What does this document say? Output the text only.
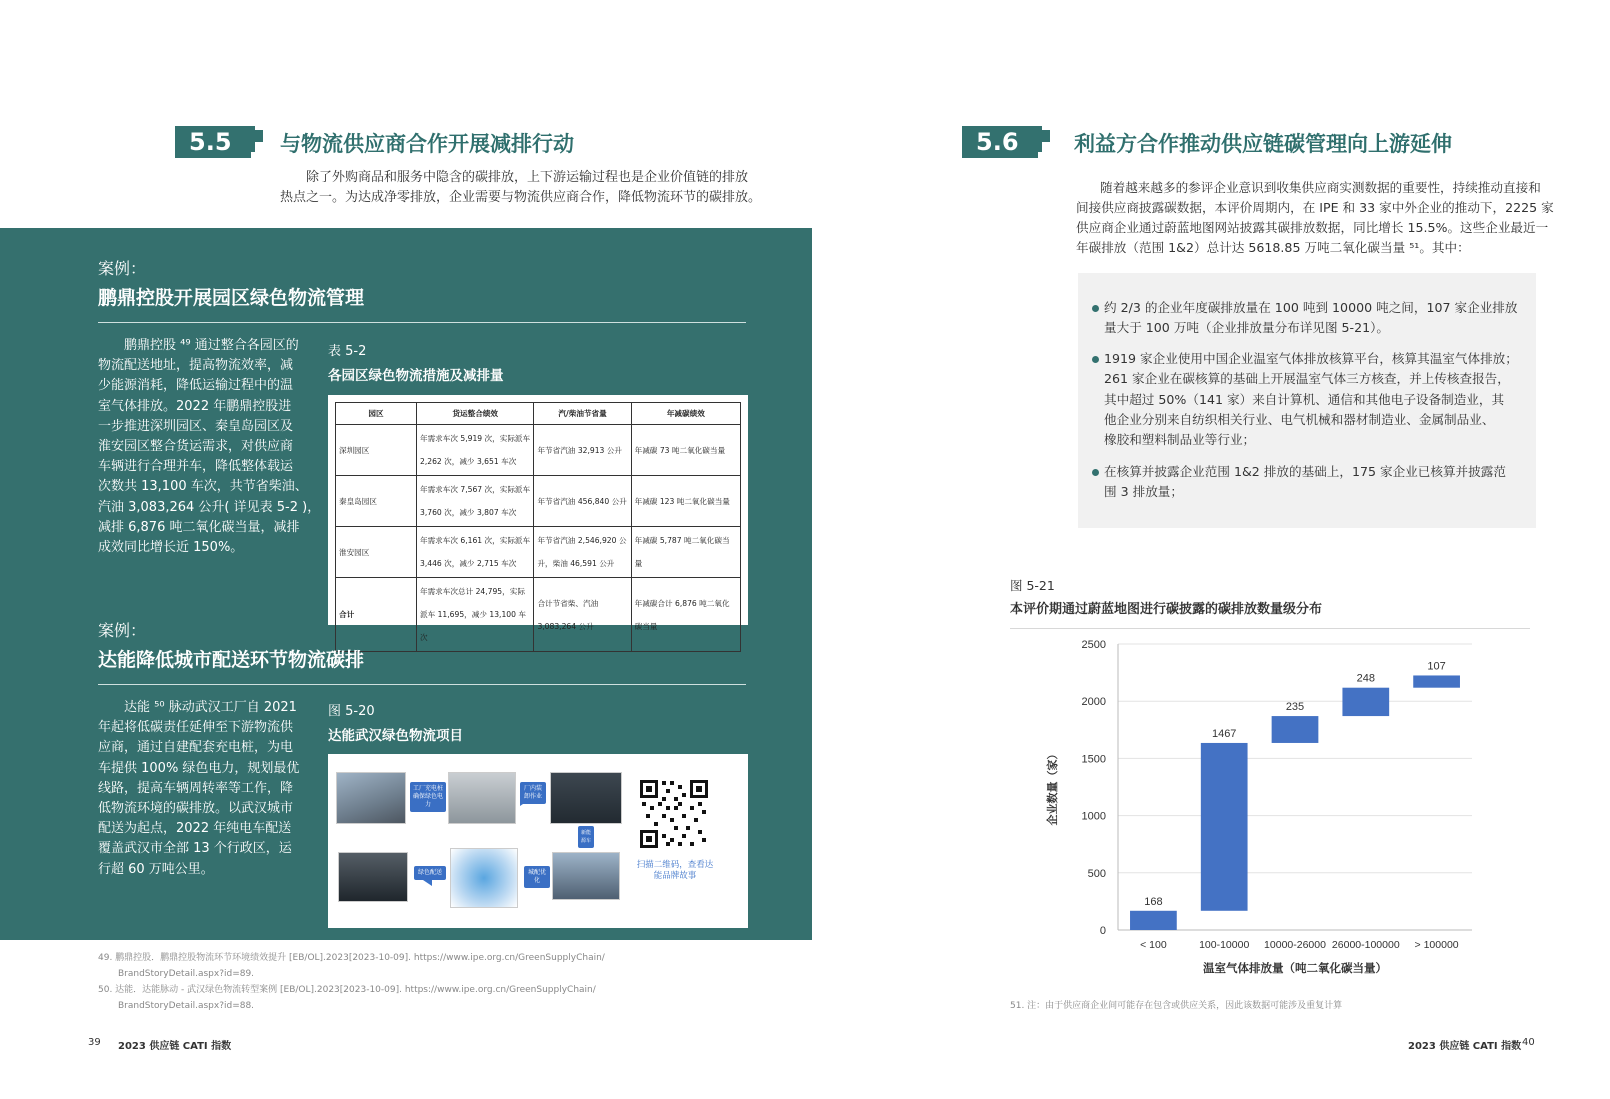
5.5	与物流供应商合作开展减排行动
除了外购商品和服务中隐含的碳排放，上下游运输过程也是企业价值链的排放
热点之一。为达成净零排放，企业需要与物流供应商合作，降低物流环节的碳排放。
案例：
鹏鼎控股开展园区绿色物流管理
鹏鼎控股 ⁴⁹ 通过整合各园区的
物流配送地址，提高物流效率，减
少能源消耗，降低运输过程中的温
室气体排放。2022 年鹏鼎控股进
一步推进深圳园区、秦皇岛园区及
淮安园区整合货运需求，对供应商
车辆进行合理并车，降低整体载运
次数共 13,100 车次，共节省柴油、
汽油 3,083,264 公升( 详见表 5-2 )，
减排 6,876 吨二氧化碳当量，减排
成效同比增长近 150%。
表 5-2
各园区绿色物流措施及减排量
园区	货运整合绩效	汽/柴油节省量	年减碳绩效
深圳园区	年需求车次 5,919 次，实际派车 2,262 次，减少 3,651 车次	年节省汽油 32,913 公升	年减碳 73 吨二氧化碳当量
秦皇岛园区	年需求车次 7,567 次，实际派车 3,760 次，减少 3,807 车次	年节省汽油 456,840 公升	年减碳 123 吨二氧化碳当量
淮安园区	年需求车次 6,161 次，实际派车 3,446 次，减少 2,715 车次	年节省汽油 2,546,920 公升，柴油 46,591 公升	年减碳 5,787 吨二氧化碳当量
合计	年需求车次总计 24,795，实际派车 11,695，减少 13,100 车次	合计节省柴、汽油 3,083,264 公升	年减碳合计 6,876 吨二氧化碳当量
案例：
达能降低城市配送环节物流碳排
达能 ⁵⁰ 脉动武汉工厂自 2021
年起将低碳责任延伸至下游物流供
应商，通过自建配套充电桩，为电
车提供 100% 绿色电力，规划最优
线路，提高车辆周转率等工作，降
低物流环境的碳排放。以武汉城市
配送为起点，2022 年纯电车配送
覆盖武汉市全部 13 个行政区，运
行超 60 万吨公里。
图 5-20
达能武汉绿色物流项目
工厂充电桩确保绿色电力
厂内装卸作业
新能源车
城配优化
绿色配送
扫描二维码，查看达能品牌故事
49. 鹏鼎控股．鹏鼎控股物流环节环境绩效提升 [EB/OL].2023[2023-10-09]. https://www.ipe.org.cn/GreenSupplyChain/
BrandStoryDetail.aspx?id=89.
50. 达能．达能脉动 - 武汉绿色物流转型案例 [EB/OL].2023[2023-10-09]. https://www.ipe.org.cn/GreenSupplyChain/
BrandStoryDetail.aspx?id=88.
39 2023 供应链 CATI 指数
5.6	利益方合作推动供应链碳管理向上游延伸
随着越来越多的参评企业意识到收集供应商实测数据的重要性，持续推动直接和
间接供应商披露碳数据，本评价周期内，在 IPE 和 33 家中外企业的推动下，2225 家
供应商企业通过蔚蓝地图网站披露其碳排放数据，同比增长 15.5%。这些企业最近一
年碳排放（范围 1&2）总计达 5618.85 万吨二氧化碳当量 ⁵¹。其中：
约 2/3 的企业年度碳排放量在 100 吨到 10000 吨之间，107 家企业排放
量大于 100 万吨（企业排放量分布详见图 5-21）。
1919 家企业使用中国企业温室气体排放核算平台，核算其温室气体排放；
261 家企业在碳核算的基础上开展温室气体三方核查，并上传核查报告，
其中超过 50%（141 家）来自计算机、通信和其他电子设备制造业，其
他企业分别来自纺织相关行业、电气机械和器材制造业、金属制品业、
橡胶和塑料制品业等行业；
在核算并披露企业范围 1&2 排放的基础上，175 家企业已核算并披露范
围 3 排放量；
图 5-21
本评价期通过蔚蓝地图进行碳披露的碳排放数量级分布
0
500
1000
1500
2000
2500
168
< 100
1467
100-10000
235
10000-26000
248
26000-100000
107
> 100000
温室气体排放量（吨二氧化碳当量）
企业数量（家）
51. 注：由于供应商企业间可能存在包含或供应关系，因此该数据可能涉及重复计算
2023 供应链 CATI 指数 40
